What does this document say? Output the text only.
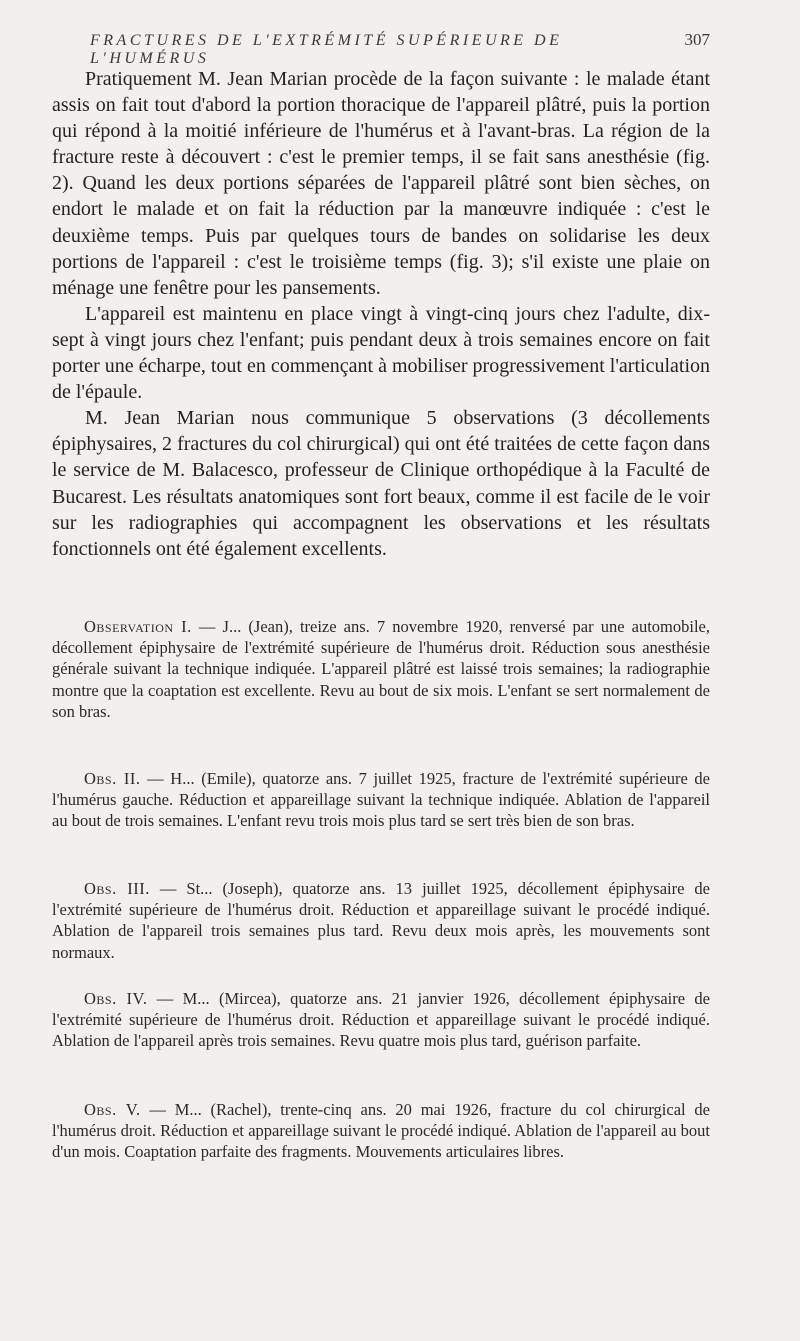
FRACTURES DE L'EXTRÉMITÉ SUPÉRIEURE DE L'HUMÉRUS
307

Pratiquement M. Jean Marian procède de la façon suivante : le malade étant assis on fait tout d'abord la portion thoracique de l'appareil plâtré, puis la portion qui répond à la moitié inférieure de l'humérus et à l'avant-bras. La région de la fracture reste à découvert : c'est le premier temps, il se fait sans anesthésie (fig. 2). Quand les deux portions séparées de l'appareil plâtré sont bien sèches, on endort le malade et on fait la réduction par la manœuvre indiquée : c'est le deuxième temps. Puis par quelques tours de bandes on solidarise les deux portions de l'appareil : c'est le troisième temps (fig. 3); s'il existe une plaie on ménage une fenêtre pour les pansements.

L'appareil est maintenu en place vingt à vingt-cinq jours chez l'adulte, dix-sept à vingt jours chez l'enfant; puis pendant deux à trois semaines encore on fait porter une écharpe, tout en commençant à mobiliser progressivement l'articulation de l'épaule.

M. Jean Marian nous communique 5 observations (3 décollements épiphysaires, 2 fractures du col chirurgical) qui ont été traitées de cette façon dans le service de M. Balacesco, professeur de Clinique orthopédique à la Faculté de Bucarest. Les résultats anatomiques sont fort beaux, comme il est facile de le voir sur les radiographies qui accompagnent les observations et les résultats fonctionnels ont été également excellents.

Observation I. — J... (Jean), treize ans. 7 novembre 1920, renversé par une automobile, décollement épiphysaire de l'extrémité supérieure de l'humérus droit. Réduction sous anesthésie générale suivant la technique indiquée. L'appareil plâtré est laissé trois semaines; la radiographie montre que la coaptation est excellente. Revu au bout de six mois. L'enfant se sert normalement de son bras.

Obs. II. — H... (Emile), quatorze ans. 7 juillet 1925, fracture de l'extrémité supérieure de l'humérus gauche. Réduction et appareillage suivant la technique indiquée. Ablation de l'appareil au bout de trois semaines. L'enfant revu trois mois plus tard se sert très bien de son bras.

Obs. III. — St... (Joseph), quatorze ans. 13 juillet 1925, décollement épiphysaire de l'extrémité supérieure de l'humérus droit. Réduction et appareillage suivant le procédé indiqué. Ablation de l'appareil trois semaines plus tard. Revu deux mois après, les mouvements sont normaux.

Obs. IV. — M... (Mircea), quatorze ans. 21 janvier 1926, décollement épiphysaire de l'extrémité supérieure de l'humérus droit. Réduction et appareillage suivant le procédé indiqué. Ablation de l'appareil après trois semaines. Revu quatre mois plus tard, guérison parfaite.

Obs. V. — M... (Rachel), trente-cinq ans. 20 mai 1926, fracture du col chirurgical de l'humérus droit. Réduction et appareillage suivant le procédé indiqué. Ablation de l'appareil au bout d'un mois. Coaptation parfaite des fragments. Mouvements articulaires libres.
